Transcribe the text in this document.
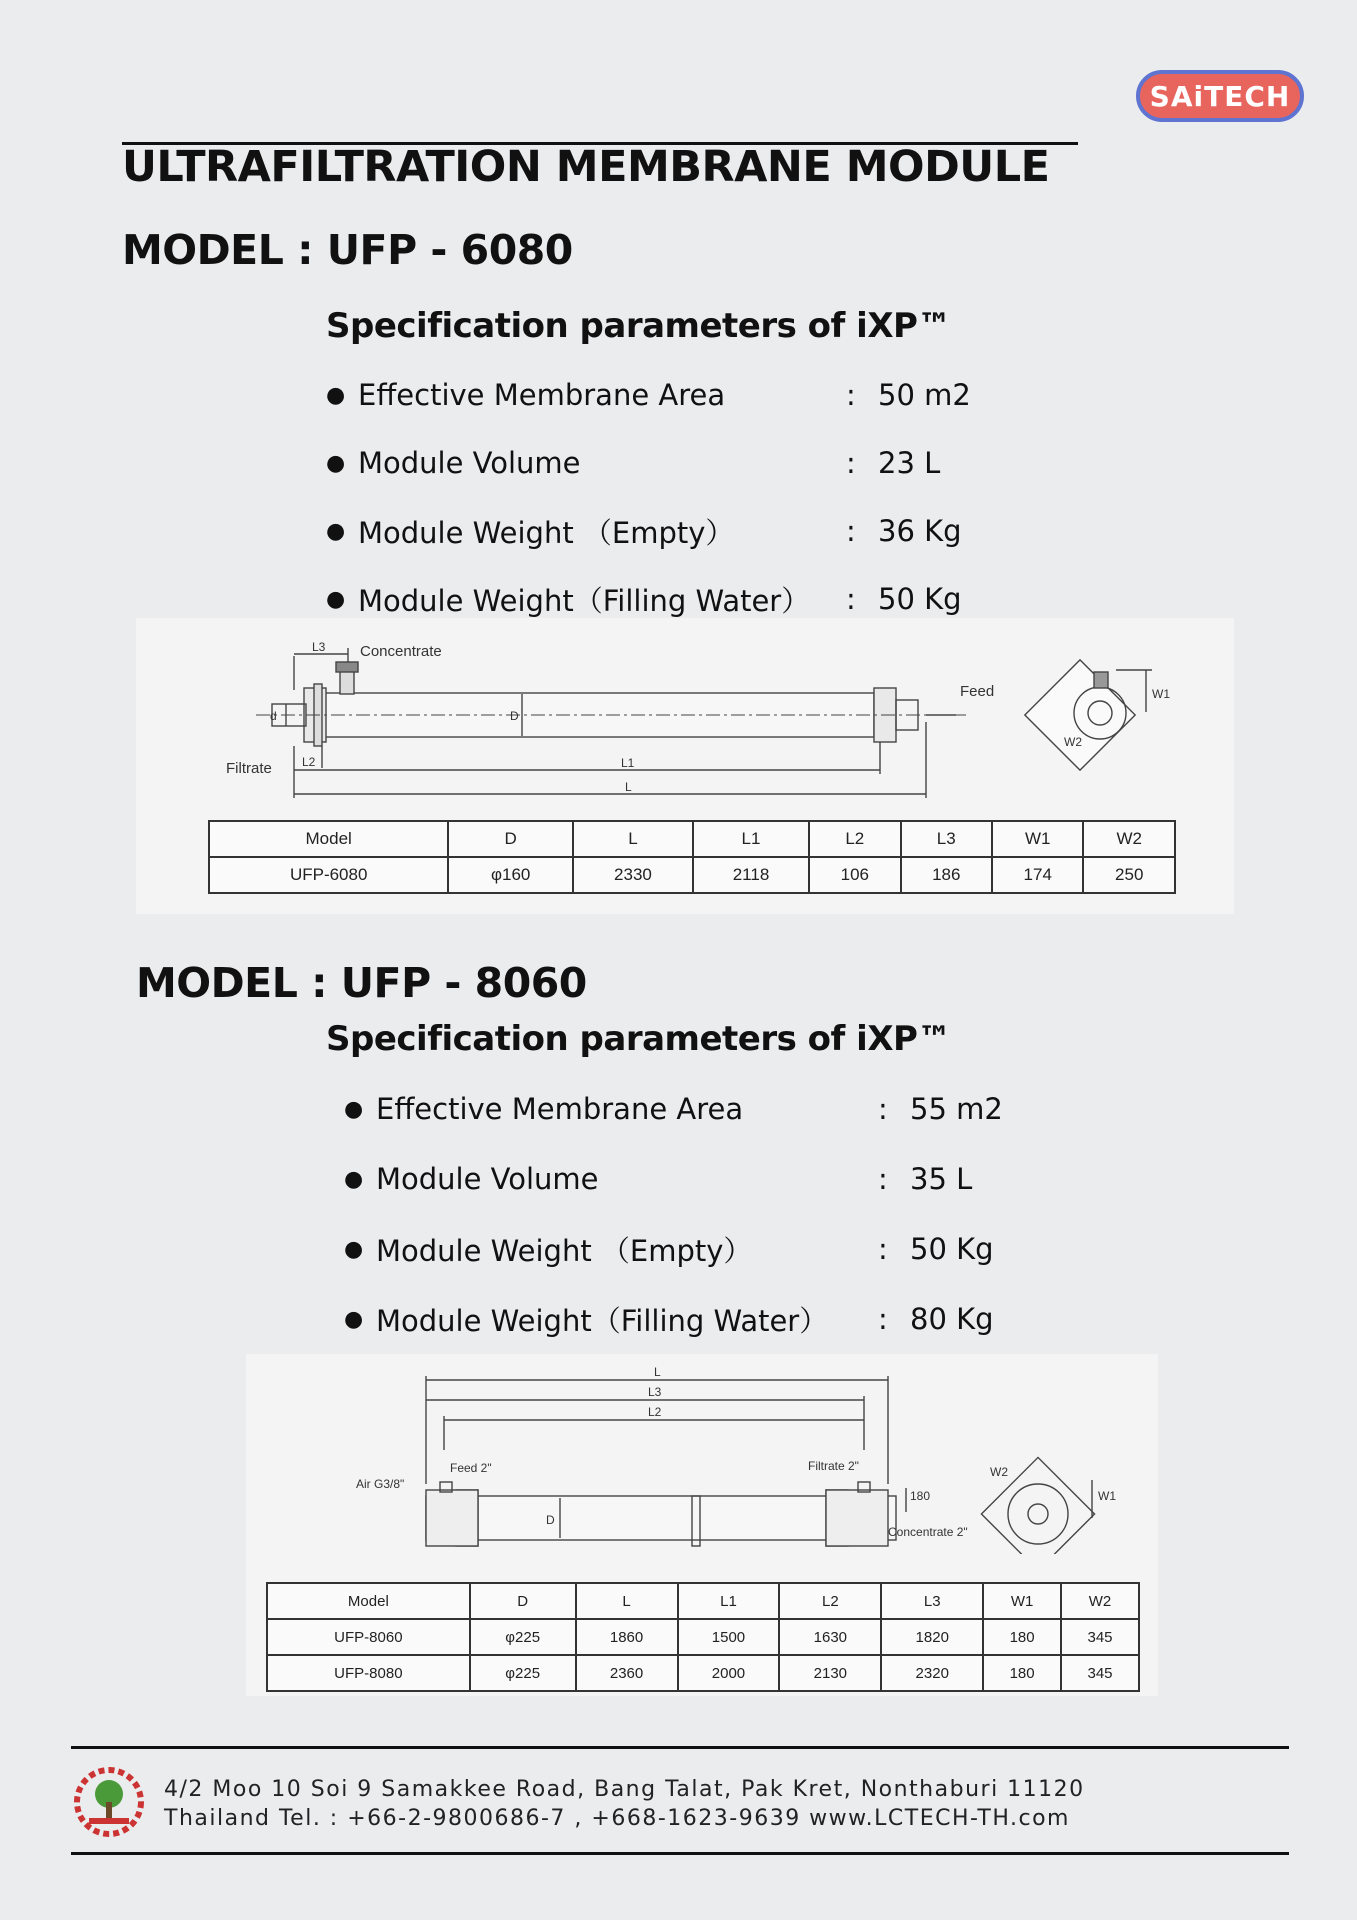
SAiTECH
ULTRAFILTRATION MEMBRANE MODULE
MODEL : UFP - 6080
Specification parameters of iXP™
● Effective Membrane Area	: 50 m2
● Module Volume	: 23 L
● Module Weight （Empty）	: 36 Kg
● Module Weight（Filling Water） : 50 Kg
Concentrate
Feed
Filtrate
L3
L2	L1
L
d	D
W1
W2
Model	D	L	L1	L2	L3	W1	W2
UFP-6080	φ160	2330	2118	106	186	174	250
MODEL : UFP - 8060
Specification parameters of iXP™
● Effective Membrane Area	: 55 m2
● Module Volume	: 35 L
● Module Weight （Empty）	: 50 Kg
● Module Weight（Filling Water） : 80 Kg
L
L3
L2
Feed 2"	Filtrate 2"
Air G3/8"
Concentrate 2"
D
180	W1
W2
Model	D	L	L1	L2	L3	W1	W2
UFP-8060	φ225	1860	1500	1630	1820	180	345
UFP-8080	φ225	2360	2000	2130	2320	180	345
4/2 Moo 10 Soi 9 Samakkee Road, Bang Talat, Pak Kret, Nonthaburi 11120
Thailand Tel. : +66-2-9800686-7 , +668-1623-9639 www.LCTECH-TH.com
